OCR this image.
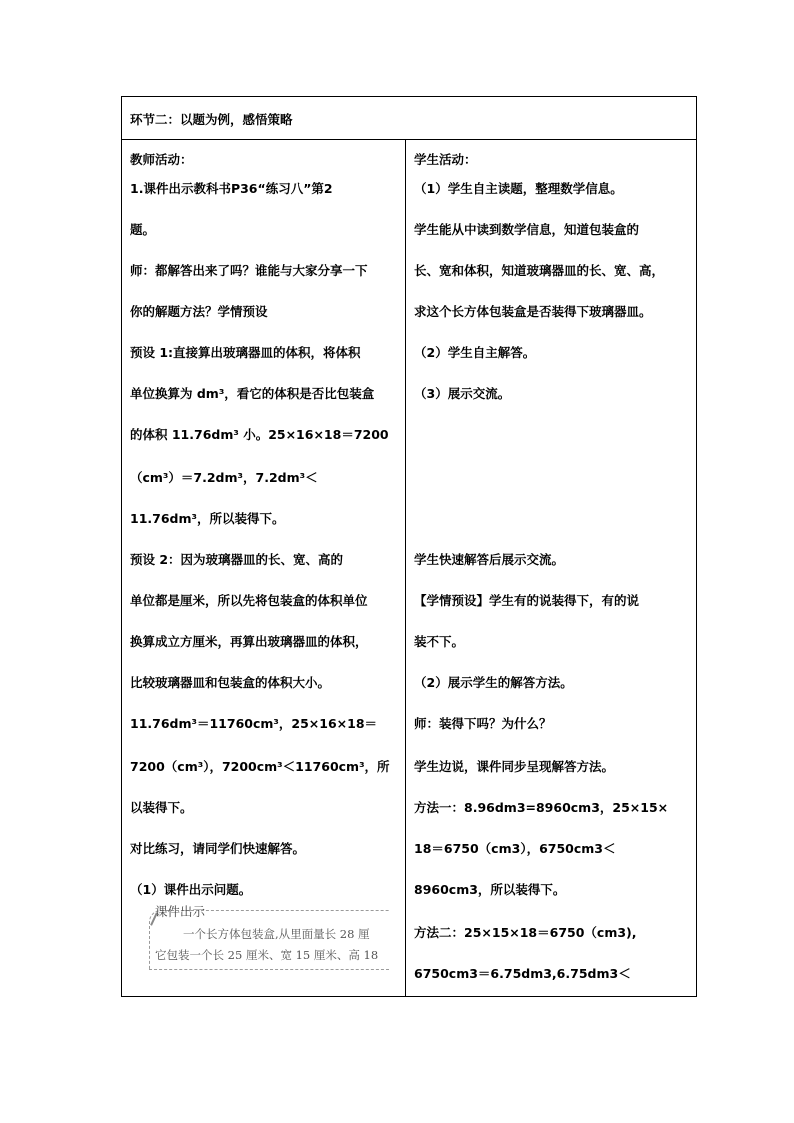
环节二：以题为例，感悟策略
教师活动：
1.课件出示教科书P36“练习八”第2
题。
师：都解答出来了吗？谁能与大家分享一下
你的解题方法？学情预设
预设 1:直接算出玻璃器皿的体积，将体积
单位换算为 dm³，看它的体积是否比包装盒
的体积 11.76dm³ 小。25×16×18＝7200
（cm³）＝7.2dm³，7.2dm³＜
11.76dm³，所以装得下。
预设 2：因为玻璃器皿的长、宽、高的
单位都是厘米，所以先将包装盒的体积单位
换算成立方厘米，再算出玻璃器皿的体积，
比较玻璃器皿和包装盒的体积大小。
11.76dm³＝11760cm³，25×16×18＝
7200（cm³），7200cm³＜11760cm³，所
以装得下。
对比练习，请同学们快速解答。
（1）课件出示问题。
学生活动：
（1）学生自主读题，整理数学信息。
学生能从中读到数学信息，知道包装盒的
长、宽和体积，知道玻璃器皿的长、宽、高，
求这个长方体包装盒是否装得下玻璃器皿。
（2）学生自主解答。
（3）展示交流。
学生快速解答后展示交流。
【学情预设】学生有的说装得下，有的说
装不下。
（2）展示学生的解答方法。
师：装得下吗？为什么？
学生边说，课件同步呈现解答方法。
方法一：8.96dm3=8960cm3，25×15×
18＝6750（cm3），6750cm3＜
8960cm3，所以装得下。
方法二：25×15×18＝6750（cm3),
6750cm3＝6.75dm3,6.75dm3＜
课件出示
一个长方体包装盒,从里面量长 28 厘
它包装一个长 25 厘米、宽 15 厘米、高 18
